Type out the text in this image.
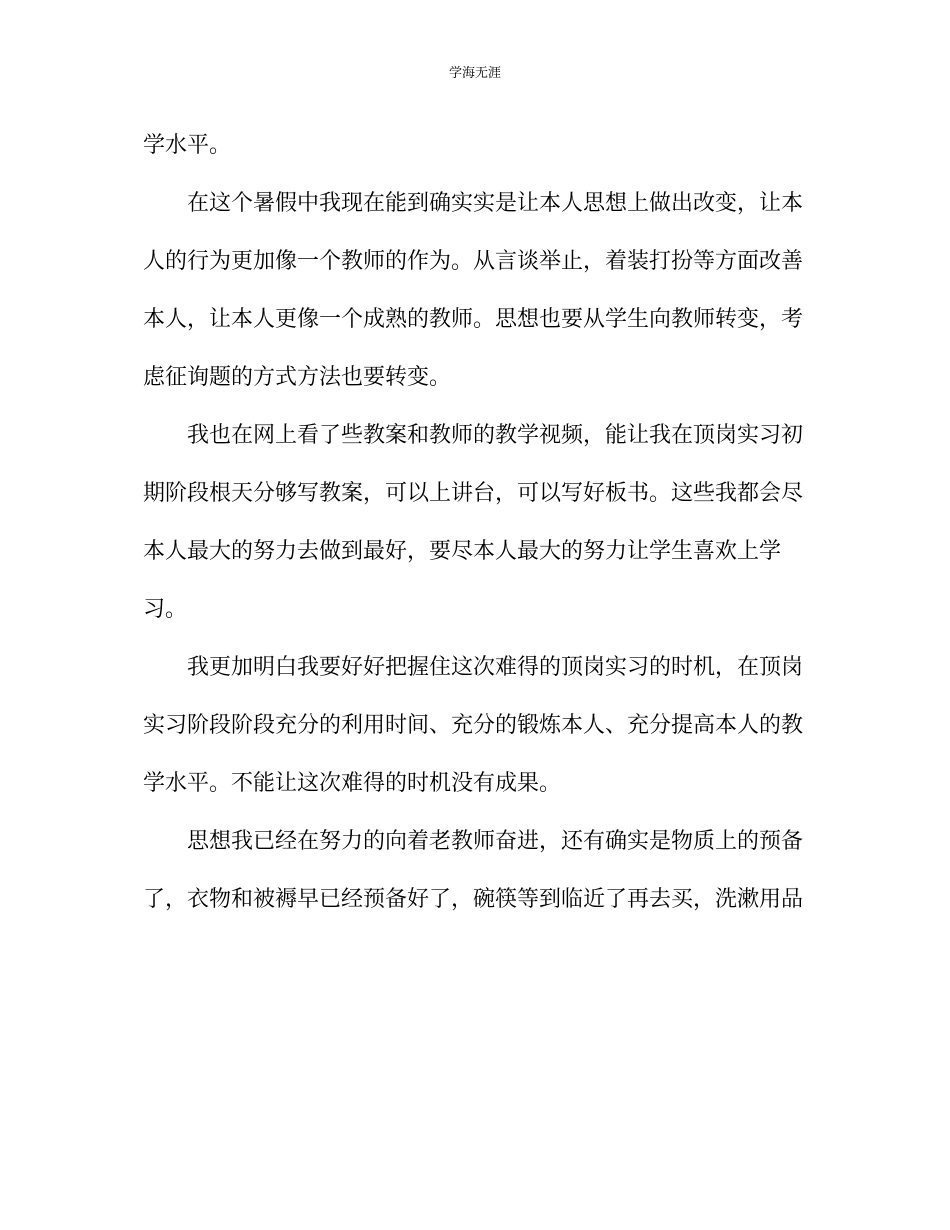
学海无涯
学水平。
在这个暑假中我现在能到确实实是让本人思想上做出改变，让本
人的行为更加像一个教师的作为。从言谈举止，着装打扮等方面改善
本人，让本人更像一个成熟的教师。思想也要从学生向教师转变，考
虑征询题的方式方法也要转变。
我也在网上看了些教案和教师的教学视频，能让我在顶岗实习初
期阶段根天分够写教案，可以上讲台，可以写好板书。这些我都会尽
本人最大的努力去做到最好，要尽本人最大的努力让学生喜欢上学
习。
我更加明白我要好好把握住这次难得的顶岗实习的时机，在顶岗
实习阶段阶段充分的利用时间、充分的锻炼本人、充分提高本人的教
学水平。不能让这次难得的时机没有成果。
思想我已经在努力的向着老教师奋进，还有确实是物质上的预备
了，衣物和被褥早已经预备好了，碗筷等到临近了再去买，洗漱用品
